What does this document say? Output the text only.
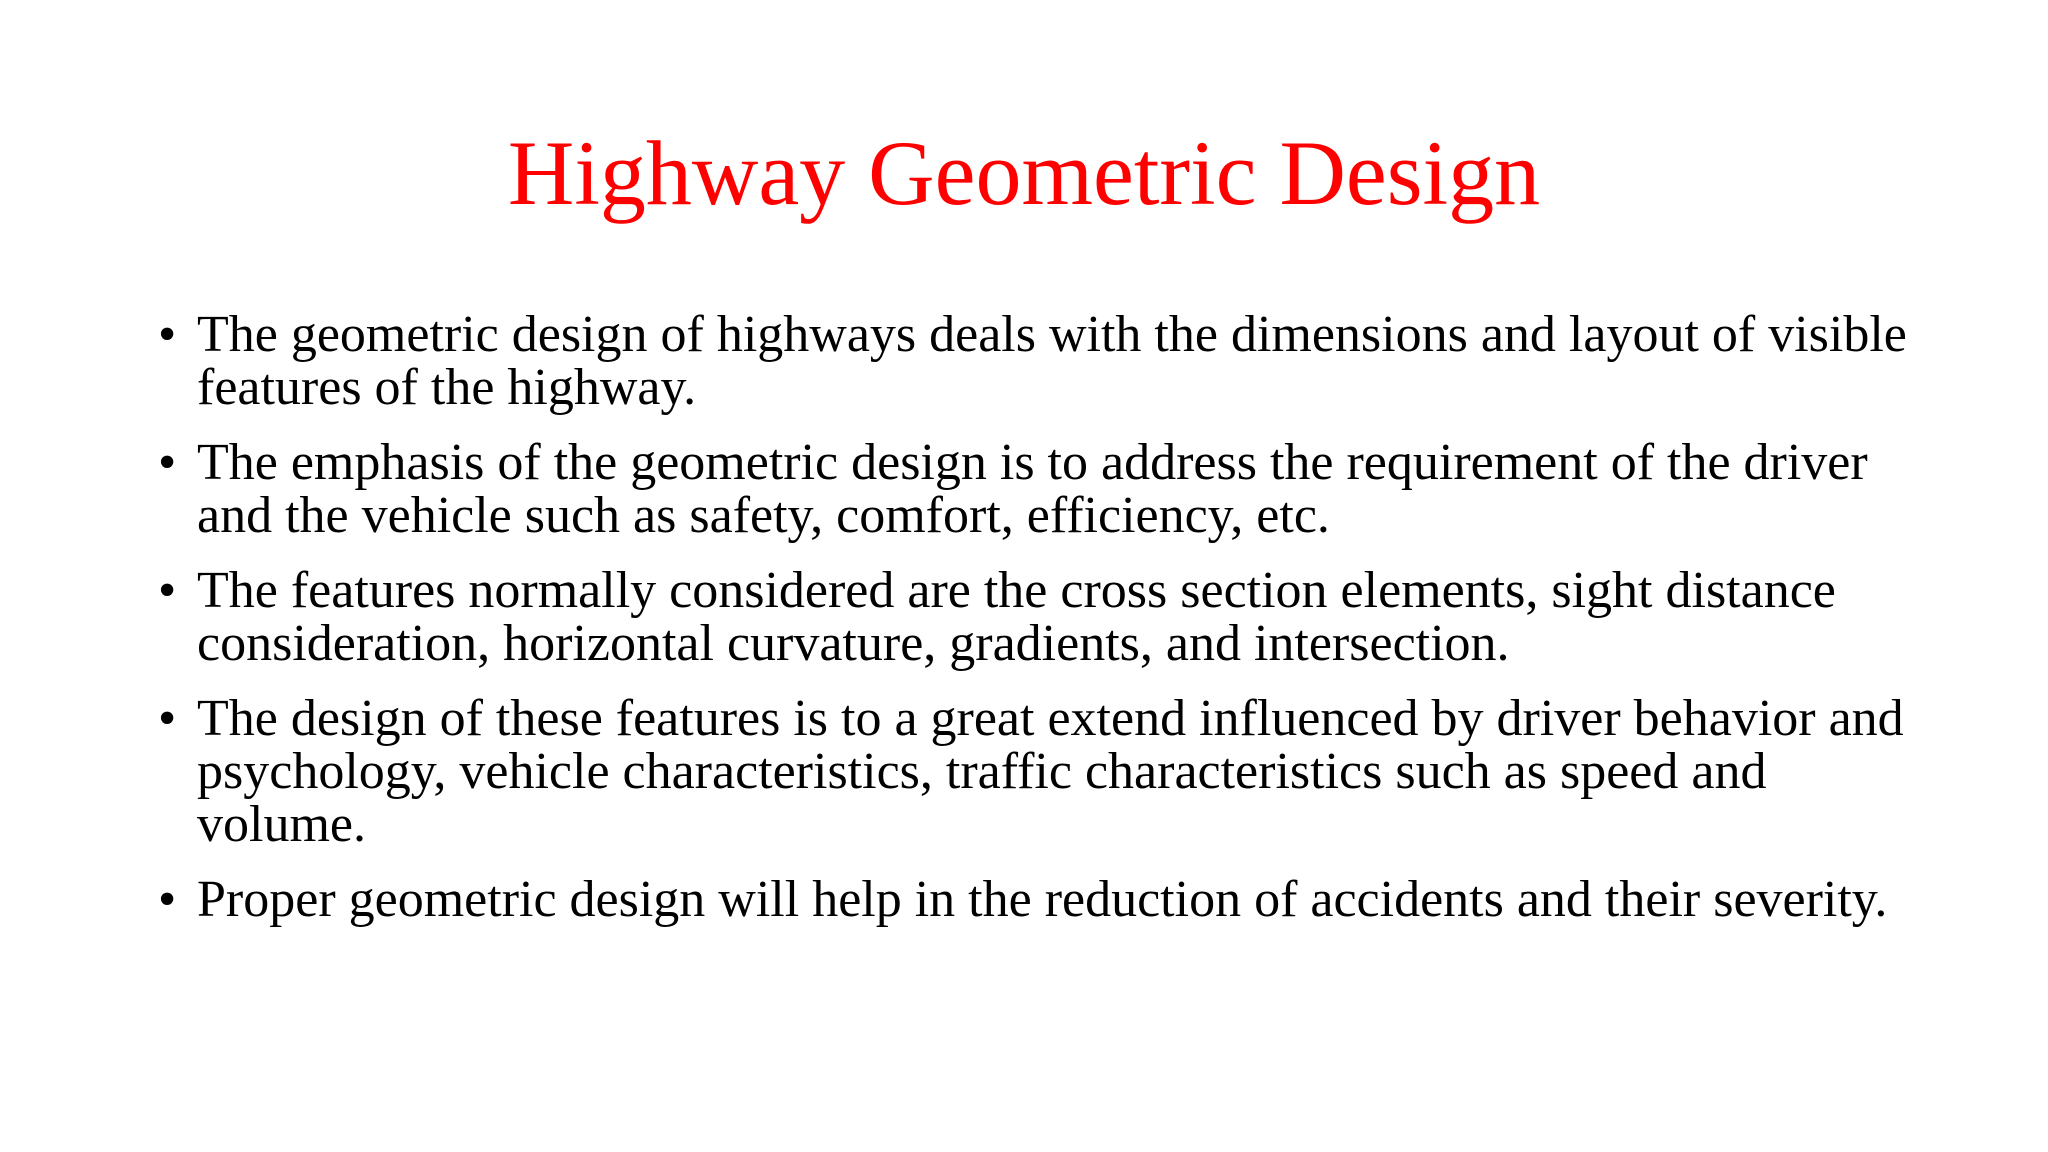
Highway Geometric Design
• The geometric design of highways deals with the dimensions and layout of visible features of the highway.
• The emphasis of the geometric design is to address the requirement of the driver and the vehicle such as safety, comfort, efficiency, etc.
• The features normally considered are the cross section elements, sight distance consideration, horizontal curvature, gradients, and intersection.
• The design of these features is to a great extend influenced by driver behavior and psychology, vehicle characteristics, traffic characteristics such as speed and volume.
• Proper geometric design will help in the reduction of accidents and their severity.
